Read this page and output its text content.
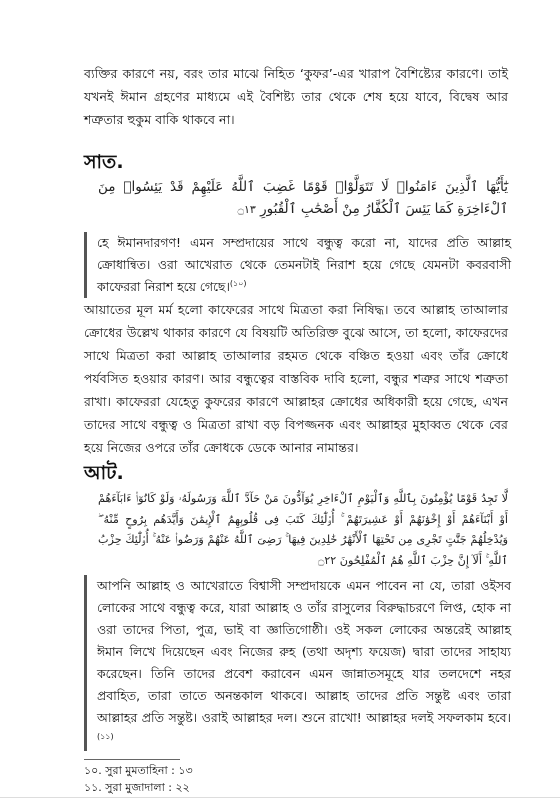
ব্যক্তির কারণে নয়, বরং তার মাঝে নিহিত ‘কুফর’-এর খারাপ বৈশিষ্ট্যের কারণে। তাই যখনই ঈমান গ্রহণের মাধ্যমে এই বৈশিষ্ট্য তার থেকে শেষ হয়ে যাবে, বিদ্বেষ আর শত্রুতার হুকুম বাকি থাকবে না।

সাত.

يَٰٓأَيُّهَا ٱلَّذِينَ ءَامَنُوا۟ لَا تَتَوَلَّوْا۟ قَوْمًا غَضِبَ ٱللَّهُ عَلَيْهِمْ قَدْ يَئِسُوا۟ مِنَ ٱلْءَاخِرَةِ كَمَا يَئِسَ ٱلْكُفَّارُ مِنْ أَصْحَٰبِ ٱلْقُبُورِ ۝١٣

হে ঈমানদারগণ! এমন সম্প্রদায়ের সাথে বন্ধুত্ব করো না, যাদের প্রতি আল্লাহ ক্রোধান্বিত। ওরা আখেরাত থেকে তেমনটাই নিরাশ হয়ে গেছে যেমনটা কবরবাসী কাফেররা নিরাশ হয়ে গেছে।$^{(১০)}$

আয়াতের মূল মর্ম হলো কাফেরের সাথে মিত্রতা করা নিষিদ্ধ। তবে আল্লাহ তাআলার ক্রোধের উল্লেখ থাকার কারণে যে বিষয়টি অতিরিক্ত বুঝে আসে, তা হলো, কাফেরদের সাথে মিত্রতা করা আল্লাহ তাআলার রহমত থেকে বঞ্চিত হওয়া এবং তাঁর ক্রোধে পর্যবসিত হওয়ার কারণ। আর বন্ধুত্বের বাস্তবিক দাবি হলো, বন্ধুর শত্রুর সাথে শত্রুতা রাখা। কাফেররা যেহেতু কুফরের কারণে আল্লাহর ক্রোধের অধিকারী হয়ে গেছে, এখন তাদের সাথে বন্ধুত্ব ও মিত্রতা রাখা বড় বিপজ্জনক এবং আল্লাহর মুহাব্বত থেকে বের হয়ে নিজের ওপরে তাঁর ক্রোধকে ডেকে আনার নামান্তর।

আট.

لَّا تَجِدُ قَوْمًا يُؤْمِنُونَ بِٱللَّهِ وَٱلْيَوْمِ ٱلْءَاخِرِ يُوَآدُّونَ مَنْ حَآدَّ ٱللَّهَ وَرَسُولَهُۥ وَلَوْ كَانُوٓا۟ ءَابَآءَهُمْ أَوْ أَبْنَآءَهُمْ أَوْ إِخْوَٰنَهُمْ أَوْ عَشِيرَتَهُمْ ۚ أُو۟لَٰٓئِكَ كَتَبَ فِى قُلُوبِهِمُ ٱلْإِيمَٰنَ وَأَيَّدَهُم بِرُوحٍ مِّنْهُ ۖ وَيُدْخِلُهُمْ جَنَّٰتٍ تَجْرِى مِن تَحْتِهَا ٱلْأَنْهَٰرُ خَٰلِدِينَ فِيهَا ۚ رَضِىَ ٱللَّهُ عَنْهُمْ وَرَضُوا۟ عَنْهُ ۚ أُو۟لَٰٓئِكَ حِزْبُ ٱللَّهِ ۚ أَلَآ إِنَّ حِزْبَ ٱللَّهِ هُمُ ٱلْمُفْلِحُونَ ۝٢٢

আপনি আল্লাহ ও আখেরাতে বিশ্বাসী সম্প্রদায়কে এমন পাবেন না যে, তারা ওইসব লোকের সাথে বন্ধুত্ব করে, যারা আল্লাহ ও তাঁর রাসুলের বিরুদ্ধাচরণে লিপ্ত, হোক না ওরা তাদের পিতা, পুত্র, ভাই বা জ্ঞাতিগোষ্ঠী। ওই সকল লোকের অন্তরেই আল্লাহ ঈমান লিখে দিয়েছেন এবং নিজের রুহ (তথা অদৃশ্য ফয়েজ) দ্বারা তাদের সাহায্য করেছেন। তিনি তাদের প্রবেশ করাবেন এমন জান্নাতসমূহে যার তলদেশে নহর প্রবাহিত, তারা তাতে অনন্তকাল থাকবে। আল্লাহ তাদের প্রতি সন্তুষ্ট এবং তারা আল্লাহর প্রতি সন্তুষ্ট। ওরাই আল্লাহর দল। শুনে রাখো! আল্লাহর দলই সফলকাম হবে।$^{(১১)}$

১০. সুরা মুমতাহিনা : ১৩

১১. সুরা মুজাদালা : ২২
